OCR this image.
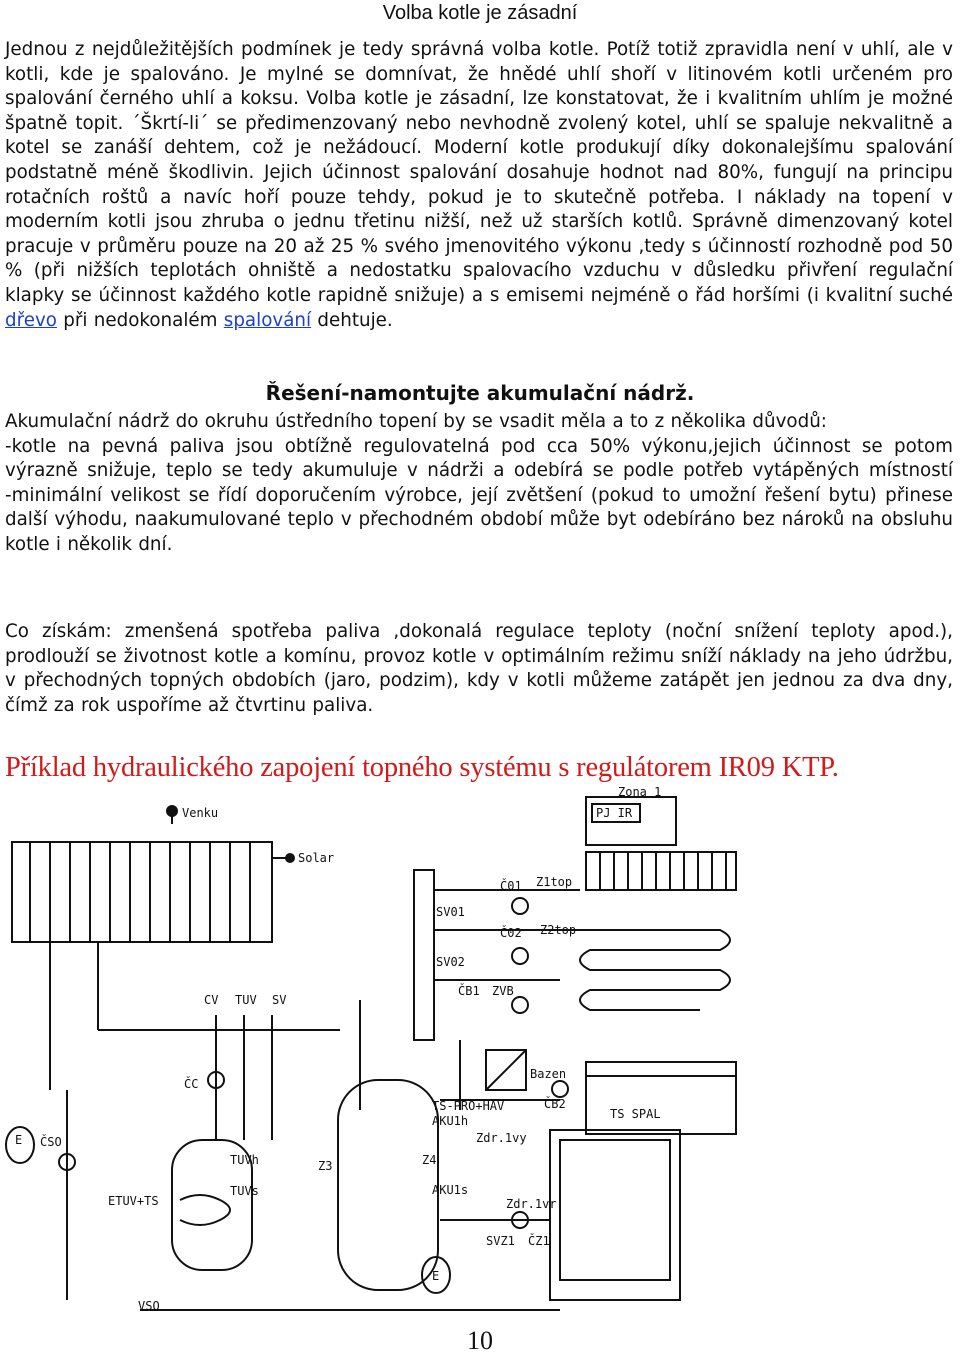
Volba kotle je zásadní
Jednou z nejdůležitějších podmínek je tedy správná volba kotle. Potíž totiž zpravidla není v uhlí, ale v kotli, kde je spalováno. Je mylné se domnívat, že hnědé uhlí shoří v litinovém kotli určeném pro spalování černého uhlí a koksu. Volba kotle je zásadní, lze konstatovat, že i kvalitním uhlím je možné špatně topit. ´Škrtí-li´ se předimenzovaný nebo nevhodně zvolený kotel, uhlí se spaluje nekvalitně a kotel se zanáší dehtem, což je nežádoucí. Moderní kotle produkují díky dokonalejšímu spalování podstatně méně škodlivin. Jejich účinnost spalování dosahuje hodnot nad 80%, fungují na principu rotačních roštů a navíc hoří pouze tehdy, pokud je to skutečně potřeba. I náklady na topení v moderním kotli jsou zhruba o jednu třetinu nižší, než už starších kotlů. Správně dimenzovaný kotel pracuje v průměru pouze na 20 až 25 % svého jmenovitého výkonu ,tedy s účinností rozhodně pod 50 % (při nižších teplotách ohniště a nedostatku spalovacího vzduchu v důsledku přivření regulační klapky se účinnost každého kotle rapidně snižuje) a s emisemi nejméně o řád horšími (i kvalitní suché dřevo při nedokonalém spalování dehtuje.
Řešení-namontujte akumulační nádrž.
Akumulační nádrž do okruhu ústředního topení by se vsadit měla a to z několika důvodů:
-kotle na pevná paliva jsou obtížně regulovatelná pod cca 50% výkonu,jejich účinnost se potom výrazně snižuje, teplo se tedy akumuluje v nádrži a odebírá se podle potřeb vytápěných místností
-minimální velikost se řídí doporučením výrobce, její zvětšení (pokud to umožní řešení bytu) přinese další výhodu, naakumulované teplo v přechodném období může byt odebíráno bez nároků na obsluhu kotle i několik dní.
Co získám: zmenšená spotřeba paliva ,dokonalá regulace teploty (noční snížení teploty apod.), prodlouží se životnost kotle a komínu, provoz kotle v optimálním režimu sníží náklady na jeho údržbu, v přechodných topných obdobích (jaro, podzim), kdy v kotli můžeme zatápět jen jednou za dva dny, čímž za rok uspoříme až čtvrtinu paliva.
Příklad hydraulického zapojení topného systému s regulátorem IR09 KTP.
Venku
Zona 1
PJ IR
Solar
Č01 Z1top
SV01
Č02 Z2top
SV02
ČB1 ZVB
CV TUV SV
ČC
ČSO
E
ETUV+TS
TUVh
TUVs
Z3	Z4
TS-PRO+HAV
AKU1h
AKU1s
Zdr.1vy
Zdr.1vr
Bazen
ČB2
TS SPAL
SVZ1 ČZ1
VSO
E
10
